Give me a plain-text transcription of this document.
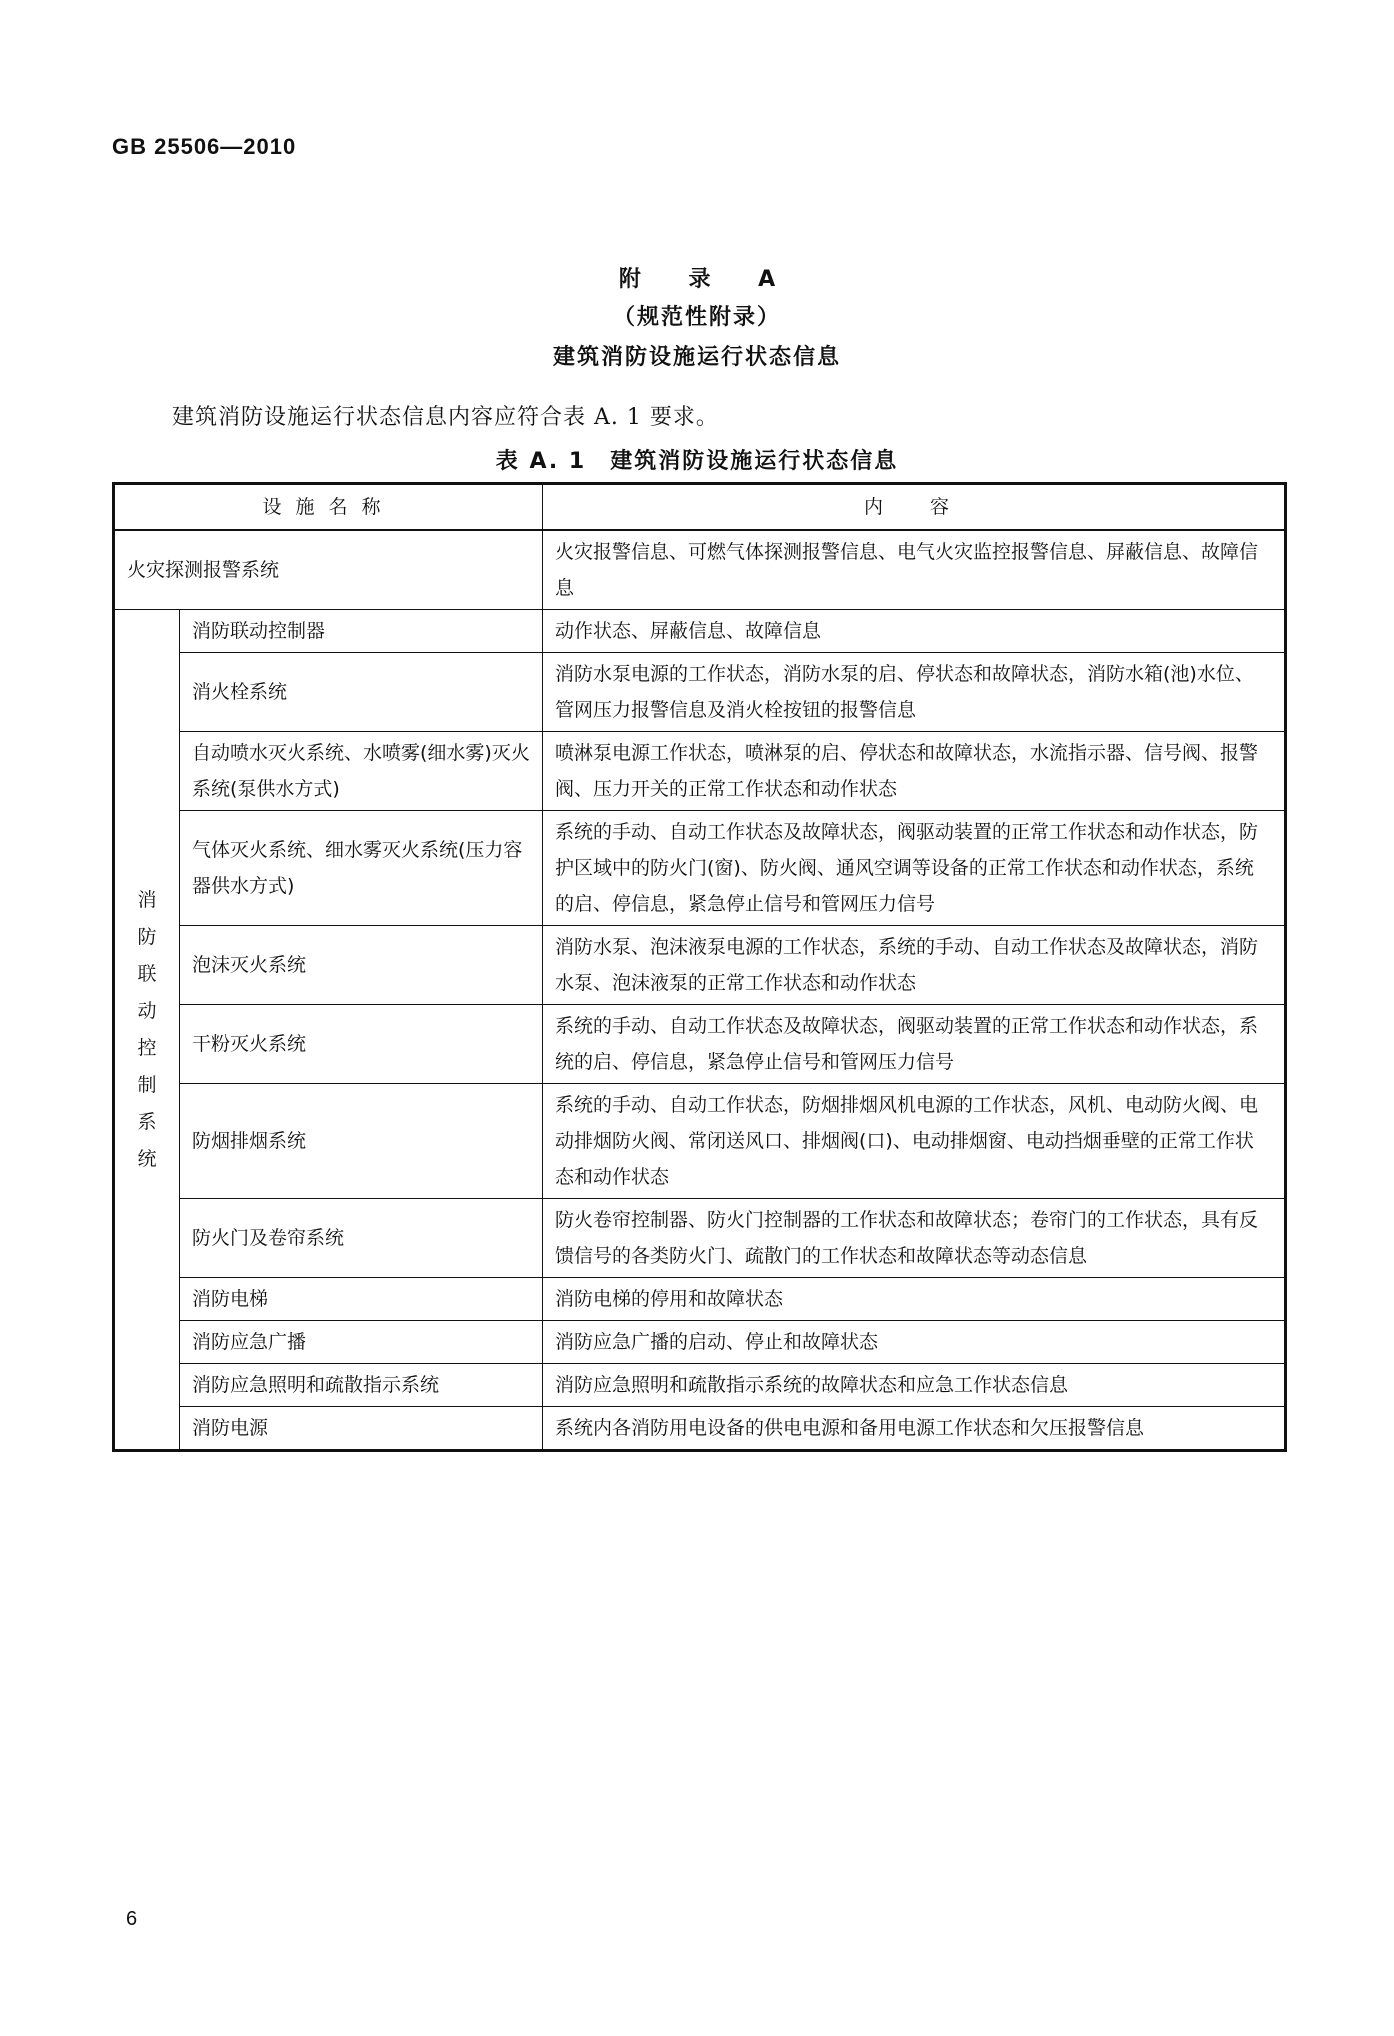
GB 25506—2010
附 录 A
（规范性附录）
建筑消防设施运行状态信息
建筑消防设施运行状态信息内容应符合表 A. 1 要求。
表 A. 1　建筑消防设施运行状态信息
设施名称		内　容
火灾探测报警系统		火灾报警信息、可燃气体探测报警信息、电气火灾监控报警信息、屏蔽信息、故障信息
消防联动控制系统	消防联动控制器	动作状态、屏蔽信息、故障信息
	消火栓系统	消防水泵电源的工作状态，消防水泵的启、停状态和故障状态，消防水箱(池)水位、管网压力报警信息及消火栓按钮的报警信息
	自动喷水灭火系统、水喷雾(细水雾)灭火系统(泵供水方式)	喷淋泵电源工作状态，喷淋泵的启、停状态和故障状态，水流指示器、信号阀、报警阀、压力开关的正常工作状态和动作状态
	气体灭火系统、细水雾灭火系统(压力容器供水方式)	系统的手动、自动工作状态及故障状态，阀驱动装置的正常工作状态和动作状态，防护区域中的防火门(窗)、防火阀、通风空调等设备的正常工作状态和动作状态，系统的启、停信息，紧急停止信号和管网压力信号
	泡沫灭火系统	消防水泵、泡沫液泵电源的工作状态，系统的手动、自动工作状态及故障状态，消防水泵、泡沫液泵的正常工作状态和动作状态
	干粉灭火系统	系统的手动、自动工作状态及故障状态，阀驱动装置的正常工作状态和动作状态，系统的启、停信息，紧急停止信号和管网压力信号
	防烟排烟系统	系统的手动、自动工作状态，防烟排烟风机电源的工作状态，风机、电动防火阀、电动排烟防火阀、常闭送风口、排烟阀(口)、电动排烟窗、电动挡烟垂壁的正常工作状态和动作状态
	防火门及卷帘系统	防火卷帘控制器、防火门控制器的工作状态和故障状态；卷帘门的工作状态，具有反馈信号的各类防火门、疏散门的工作状态和故障状态等动态信息
	消防电梯	消防电梯的停用和故障状态
	消防应急广播	消防应急广播的启动、停止和故障状态
	消防应急照明和疏散指示系统	消防应急照明和疏散指示系统的故障状态和应急工作状态信息
	消防电源	系统内各消防用电设备的供电电源和备用电源工作状态和欠压报警信息
6
